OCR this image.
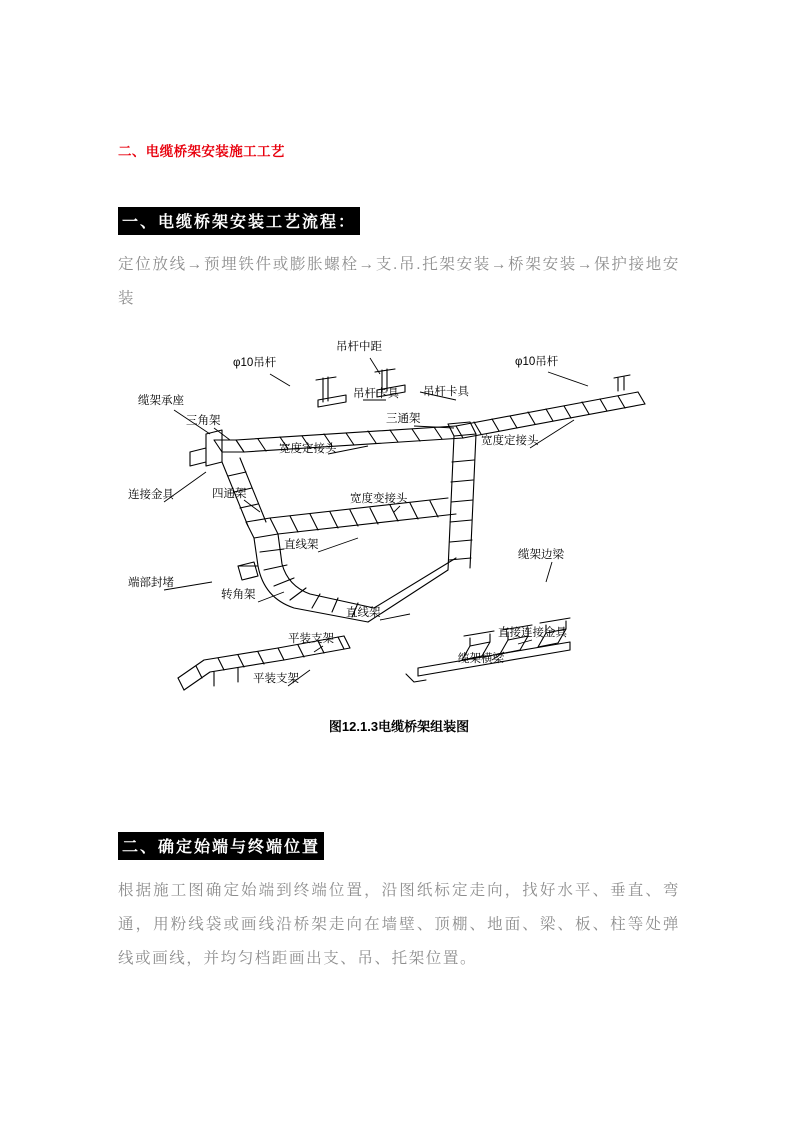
二、电缆桥架安装施工工艺
一、电缆桥架安装工艺流程：
定位放线→预埋铁件或膨胀螺栓→支.吊.托架安装→桥架安装→保护接地安装
吊杆中距
φ10吊杆	φ10吊杆
吊杆卡具 吊杆卡具
缆架承座
三角架	三通架
宽度定接头
宽度定接头
连接金具	四通架	宽度变接头
直线架
缆架边梁
端部封堵
转角架
直线架
平装支架	直接连接金具
缆架横梁
平装支架
图12.1.3电缆桥架组装图
二、确定始端与终端位置
根据施工图确定始端到终端位置，沿图纸标定走向，找好水平、垂直、弯通，用粉线袋或画线沿桥架走向在墙壁、顶棚、地面、梁、板、柱等处弹线或画线，并均匀档距画出支、吊、托架位置。
